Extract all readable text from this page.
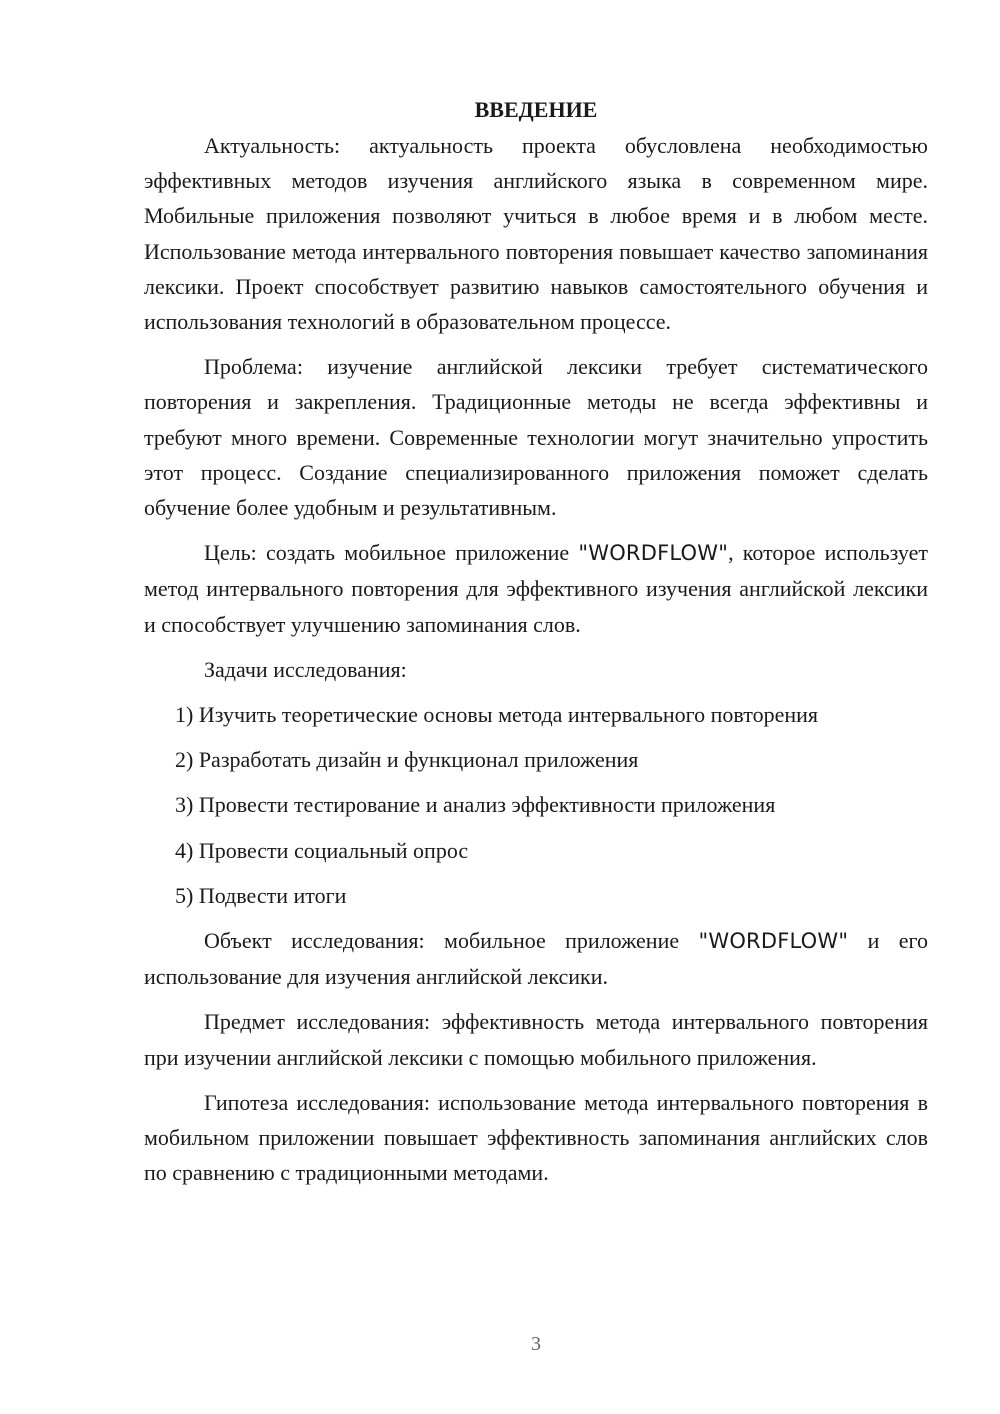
ВВЕДЕНИЕ

Актуальность: актуальность проекта обусловлена необходимостью эффективных методов изучения английского языка в современном мире. Мобильные приложения позволяют учиться в любое время и в любом месте. Использование метода интервального повторения повышает качество запоминания лексики. Проект способствует развитию навыков самостоятельного обучения и использования технологий в образовательном процессе.

Проблема: изучение английской лексики требует систематического повторения и закрепления. Традиционные методы не всегда эффективны и требуют много времени. Современные технологии могут значительно упростить этот процесс. Создание специализированного приложения поможет сделать обучение более удобным и результативным.

Цель: создать мобильное приложение "WORDFLOW", которое использует метод интервального повторения для эффективного изучения английской лексики и способствует улучшению запоминания слов.

Задачи исследования:
1) Изучить теоретические основы метода интервального повторения
2) Разработать дизайн и функционал приложения
3) Провести тестирование и анализ эффективности приложения
4) Провести социальный опрос
5) Подвести итоги

Объект исследования: мобильное приложение "WORDFLOW" и его использование для изучения английской лексики.

Предмет исследования: эффективность метода интервального повторения при изучении английской лексики с помощью мобильного приложения.

Гипотеза исследования: использование метода интервального повторения в мобильном приложении повышает эффективность запоминания английских слов по сравнению с традиционными методами.

3
